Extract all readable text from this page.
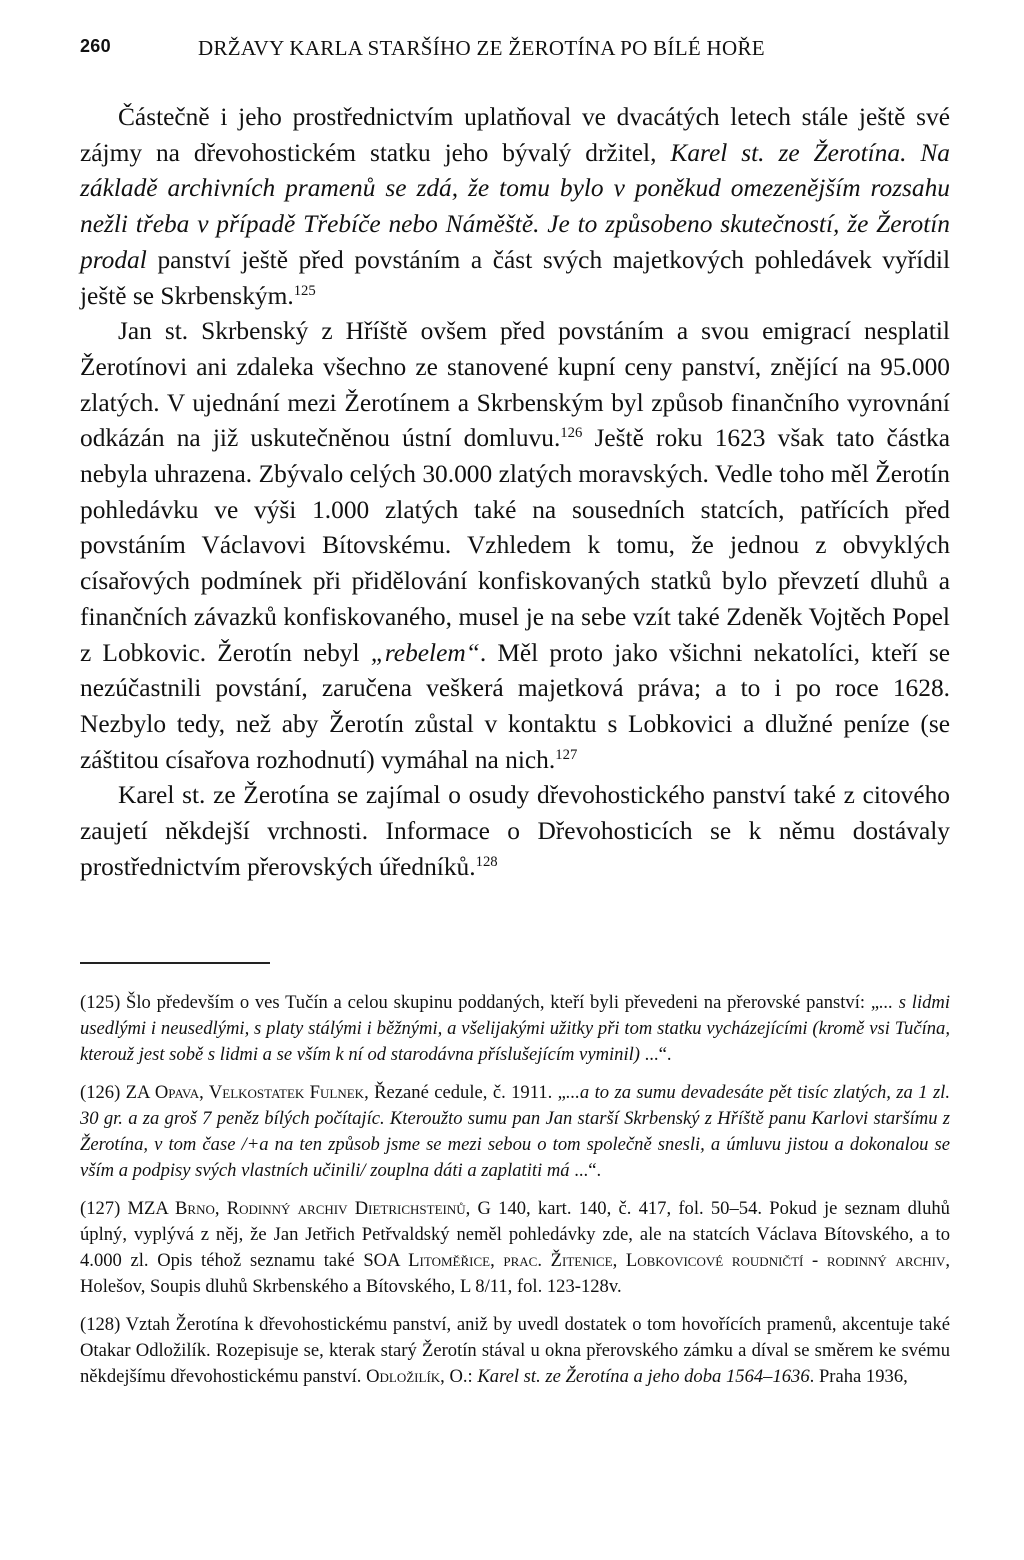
260	DRŽAVY KARLA STARŠÍHO ZE ŽEROTÍNA PO BÍLÉ HOŘE

Částečně i jeho prostřednictvím uplatňoval ve dvacátých letech stále ještě své zájmy na dřevohostickém statku jeho bývalý držitel, Karel st. ze Žerotína. Na základě archivních pramenů se zdá, že tomu bylo v poněkud omezenějším rozsahu nežli třeba v případě Třebíče nebo Náměště. Je to způsobeno skutečností, že Žerotín prodal panství ještě před povstáním a část svých majetkových pohledávek vyřídil ještě se Skrbenským.$^{125}$

Jan st. Skrbenský z Hříště ovšem před povstáním a svou emigrací nesplatil Žerotínovi ani zdaleka všechno ze stanovené kupní ceny panství, znějící na 95.000 zlatých. V ujednání mezi Žerotínem a Skrbenským byl způsob finančního vyrovnání odkázán na již uskutečněnou ústní domluvu.$^{126}$ Ještě roku 1623 však tato částka nebyla uhrazena. Zbývalo celých 30.000 zlatých moravských. Vedle toho měl Žerotín pohledávku ve výši 1.000 zlatých také na sousedních statcích, patřících před povstáním Václavovi Bítovskému. Vzhledem k tomu, že jednou z obvyklých císařových podmínek při přidělování konfiskovaných statků bylo převzetí dluhů a finančních závazků konfiskovaného, musel je na sebe vzít také Zdeněk Vojtěch Popel z Lobkovic. Žerotín nebyl „rebelem“. Měl proto jako všichni nekatolíci, kteří se nezúčastnili povstání, zaručena veškerá majetková práva; a to i po roce 1628. Nezbylo tedy, než aby Žerotín zůstal v kontaktu s Lobkovici a dlužné peníze (se záštitou císařova rozhodnutí) vymáhal na nich.$^{127}$

Karel st. ze Žerotína se zajímal o osudy dřevohostického panství také z citového zaujetí někdejší vrchnosti. Informace o Dřevohosticích se k němu dostávaly prostřednictvím přerovských úředníků.$^{128}$

(125) Šlo především o ves Tučín a celou skupinu poddaných, kteří byli převedeni na přerovské panství: „... s lidmi usedlými i neusedlými, s platy stálými i běžnými, a všelijakými užitky při tom statku vycházejícími (kromě vsi Tučína, kterouž jest sobě s lidmi a se vším k ní od starodávna příslušejícím vyminil) ...“.

(126) ZA Opava, Velkostatek Fulnek, Řezané cedule, č. 1911. „...a to za sumu devadesáte pět tisíc zlatých, za 1 zl. 30 gr. a za groš 7 peněz bílých počítajíc. Kteroužto sumu pan Jan starší Skrbenský z Hříště panu Karlovi staršímu z Žerotína, v tom čase /+a na ten způsob jsme se mezi sebou o tom společně snesli, a úmluvu jistou a dokonalou se vším a podpisy svých vlastních učinili/ zouplna dáti a zaplatiti má ...“.

(127) MZA Brno, Rodinný archiv Dietrichsteinů, G 140, kart. 140, č. 417, fol. 50–54. Pokud je seznam dluhů úplný, vyplývá z něj, že Jan Jetřich Petřvaldský neměl pohledávky zde, ale na statcích Václava Bítovského, a to 4.000 zl. Opis téhož seznamu také SOA Litoměřice, prac. Žitenice, Lobkovicové roudničtí - rodinný archiv, Holešov, Soupis dluhů Skrbenského a Bítovského, L 8/11, fol. 123-128v.

(128) Vztah Žerotína k dřevohostickému panství, aniž by uvedl dostatek o tom hovořících pramenů, akcentuje také Otakar Odložilík. Rozepisuje se, kterak starý Žerotín stával u okna přerovského zámku a díval se směrem ke svému někdejšímu dřevohostickému panství. Odložilík, O.: Karel st. ze Žerotína a jeho doba 1564–1636. Praha 1936,
